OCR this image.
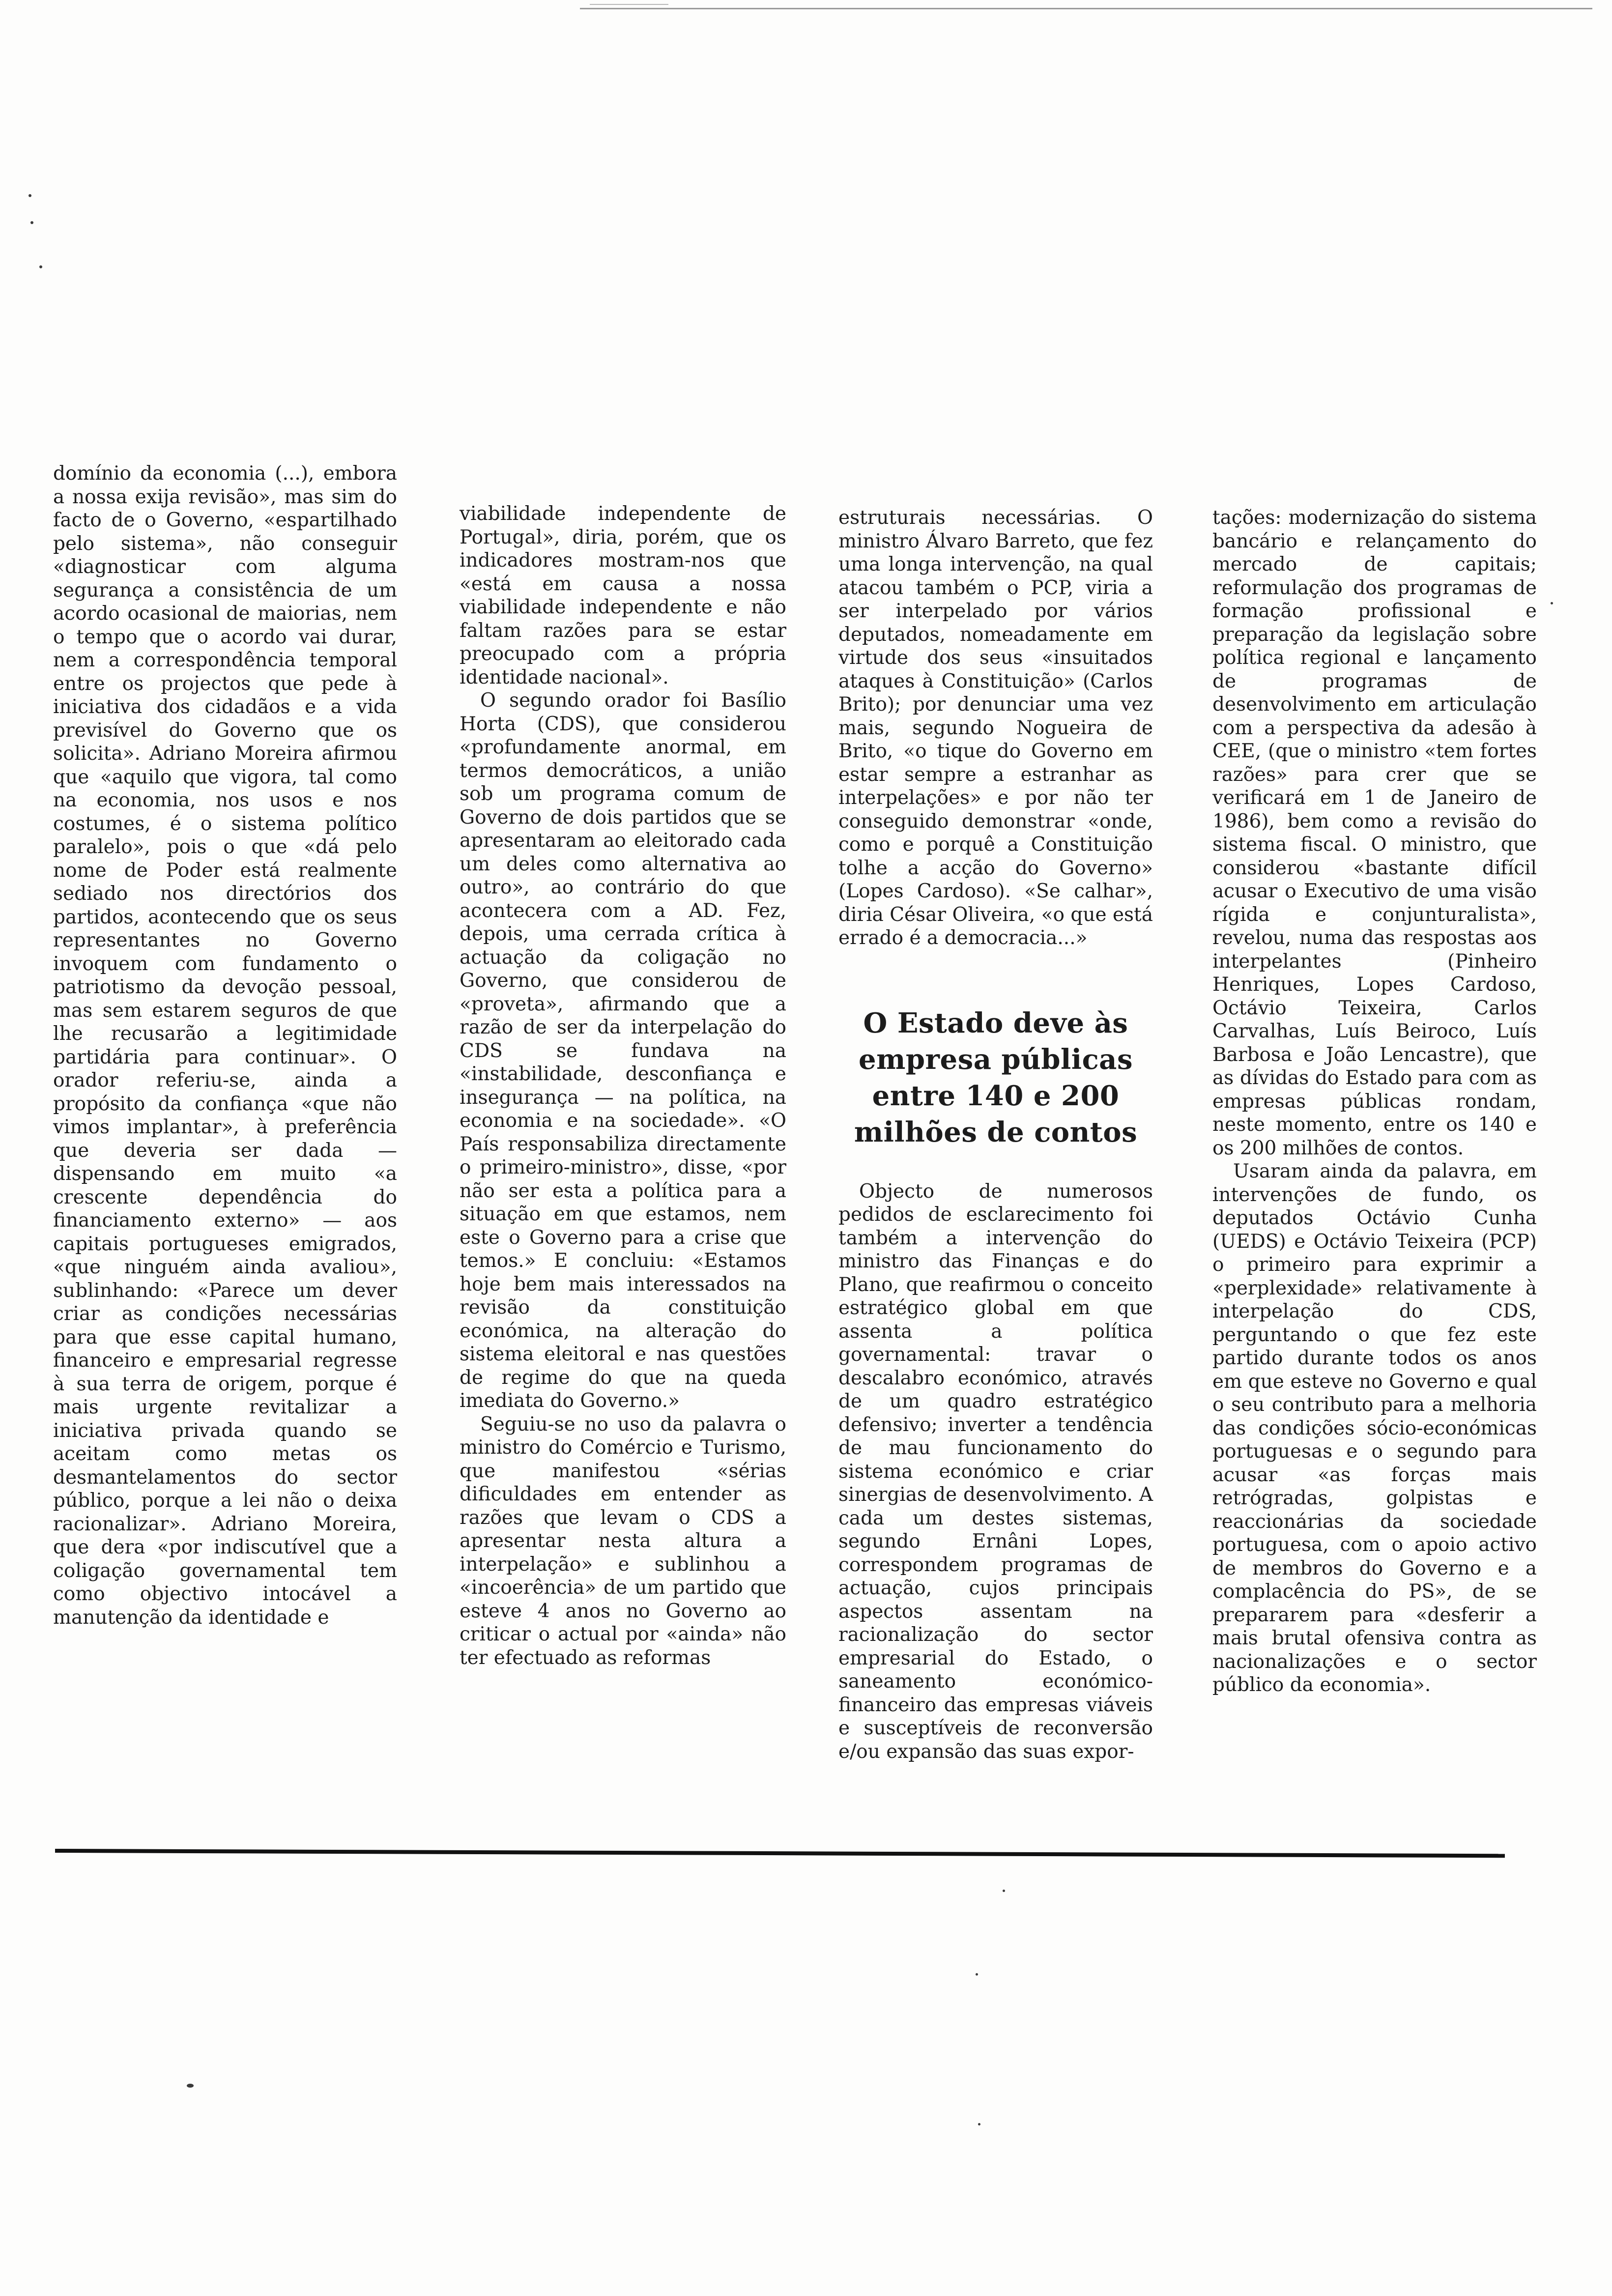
domínio da economia (...), embora a nossa exija revisão», mas sim do facto de o Governo, «espartilhado pelo sistema», não conseguir «diagnosticar com alguma segurança a consistência de um acordo ocasional de maiorias, nem o tempo que o acordo vai durar, nem a correspondência temporal entre os projectos que pede à iniciativa dos cidadãos e a vida previsível do Governo que os solicita». Adriano Moreira afirmou que «aquilo que vigora, tal como na economia, nos usos e nos costumes, é o sistema político paralelo», pois o que «dá pelo nome de Poder está realmente sediado nos directórios dos partidos, acontecendo que os seus representantes no Governo invoquem com fundamento o patriotismo da devoção pessoal, mas sem estarem seguros de que lhe recusarão a legitimidade partidária para continuar». O orador referiu-se, ainda a propósito da confiança «que não vimos implantar», à preferência que deveria ser dada — dispensando em muito «a crescente dependência do financiamento externo» — aos capitais portugueses emigrados, «que ninguém ainda avaliou», sublinhando: «Parece um dever criar as condições necessárias para que esse capital humano, financeiro e empresarial regresse à sua terra de origem, porque é mais urgente revitalizar a iniciativa privada quando se aceitam como metas os desmantelamentos do sector público, porque a lei não o deixa racionalizar». Adriano Moreira, que dera «por indiscutível que a coligação governamental tem como objectivo intocável a manutenção da identidade e

viabilidade independente de Portugal», diria, porém, que os indicadores mostram-nos que «está em causa a nossa viabilidade independente e não faltam razões para se estar preocupado com a própria identidade nacional».

O segundo orador foi Basílio Horta (CDS), que considerou «profundamente anormal, em termos democráticos, a união sob um programa comum de Governo de dois partidos que se apresentaram ao eleitorado cada um deles como alternativa ao outro», ao contrário do que acontecera com a AD. Fez, depois, uma cerrada crítica à actuação da coligação no Governo, que considerou de «proveta», afirmando que a razão de ser da interpelação do CDS se fundava na «instabilidade, desconfiança e insegurança — na política, na economia e na sociedade». «O País responsabiliza directamente o primeiro-ministro», disse, «por não ser esta a política para a situação em que estamos, nem este o Governo para a crise que temos.» E concluiu: «Estamos hoje bem mais interessados na revisão da constituição económica, na alteração do sistema eleitoral e nas questões de regime do que na queda imediata do Governo.»

Seguiu-se no uso da palavra o ministro do Comércio e Turismo, que manifestou «sérias dificuldades em entender as razões que levam o CDS a apresentar nesta altura a interpelação» e sublinhou a «incoerência» de um partido que esteve 4 anos no Governo ao criticar o actual por «ainda» não ter efectuado as reformas

estruturais necessárias. O ministro Álvaro Barreto, que fez uma longa intervenção, na qual atacou também o PCP, viria a ser interpelado por vários deputados, nomeadamente em virtude dos seus «insuitados ataques à Constituição» (Carlos Brito); por denunciar uma vez mais, segundo Nogueira de Brito, «o tique do Governo em estar sempre a estranhar as interpelações» e por não ter conseguido demonstrar «onde, como e porquê a Constituição tolhe a acção do Governo» (Lopes Cardoso). «Se calhar», diria César Oliveira, «o que está errado é a democracia...»

O Estado deve às empresa públicas entre 140 e 200 milhões de contos

Objecto de numerosos pedidos de esclarecimento foi também a intervenção do ministro das Finanças e do Plano, que reafirmou o conceito estratégico global em que assenta a política governamental: travar o descalabro económico, através de um quadro estratégico defensivo; inverter a tendência de mau funcionamento do sistema económico e criar sinergias de desenvolvimento. A cada um destes sistemas, segundo Ernâni Lopes, correspondem programas de actuação, cujos principais aspectos assentam na racionalização do sector empresarial do Estado, o saneamento económico-financeiro das empresas viáveis e susceptíveis de reconversão e/ou expansão das suas expor-

tações: modernização do sistema bancário e relançamento do mercado de capitais; reformulação dos programas de formação profissional e preparação da legislação sobre política regional e lançamento de programas de desenvolvimento em articulação com a perspectiva da adesão à CEE, (que o ministro «tem fortes razões» para crer que se verificará em 1 de Janeiro de 1986), bem como a revisão do sistema fiscal. O ministro, que considerou «bastante difícil acusar o Executivo de uma visão rígida e conjunturalista», revelou, numa das respostas aos interpelantes (Pinheiro Henriques, Lopes Cardoso, Octávio Teixeira, Carlos Carvalhas, Luís Beiroco, Luís Barbosa e João Lencastre), que as dívidas do Estado para com as empresas públicas rondam, neste momento, entre os 140 e os 200 milhões de contos.

Usaram ainda da palavra, em intervenções de fundo, os deputados Octávio Cunha (UEDS) e Octávio Teixeira (PCP) o primeiro para exprimir a «perplexidade» relativamente à interpelação do CDS, perguntando o que fez este partido durante todos os anos em que esteve no Governo e qual o seu contributo para a melhoria das condições sócio-económicas portuguesas e o segundo para acusar «as forças mais retrógradas, golpistas e reaccionárias da sociedade portuguesa, com o apoio activo de membros do Governo e a complacência do PS», de se prepararem para «desferir a mais brutal ofensiva contra as nacionalizações e o sector público da economia».
